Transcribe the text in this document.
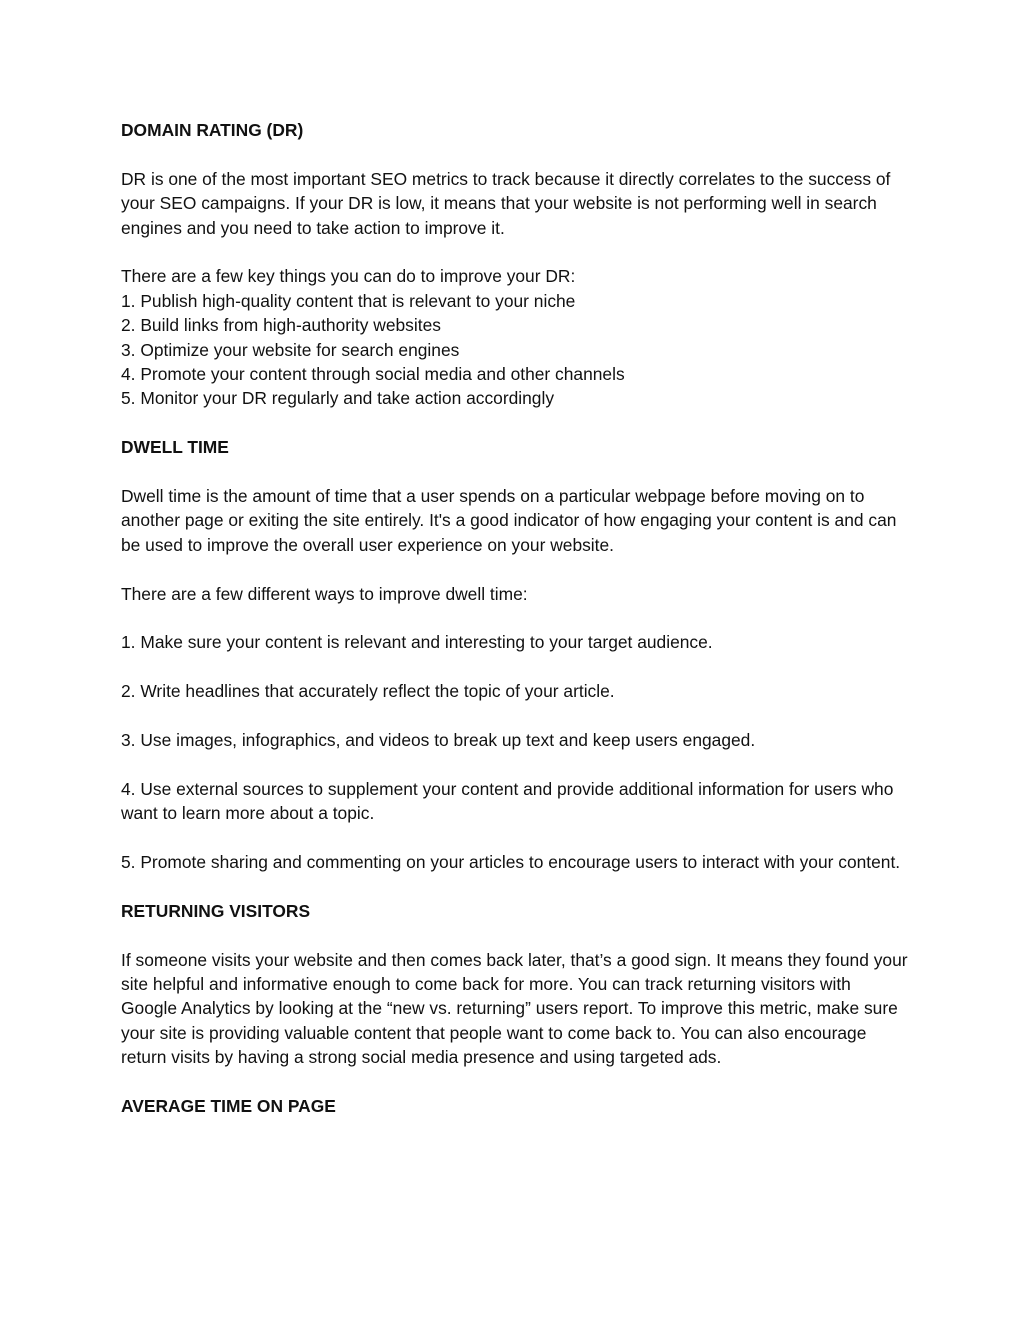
DOMAIN RATING (DR)

DR is one of the most important SEO metrics to track because it directly correlates to the success of your SEO campaigns. If your DR is low, it means that your website is not performing well in search engines and you need to take action to improve it.

There are a few key things you can do to improve your DR:

1. Publish high-quality content that is relevant to your niche
2. Build links from high-authority websites
3. Optimize your website for search engines
4. Promote your content through social media and other channels
5. Monitor your DR regularly and take action accordingly

DWELL TIME

Dwell time is the amount of time that a user spends on a particular webpage before moving on to another page or exiting the site entirely. It's a good indicator of how engaging your content is and can be used to improve the overall user experience on your website.

There are a few different ways to improve dwell time:

1. Make sure your content is relevant and interesting to your target audience.

2. Write headlines that accurately reflect the topic of your article.

3. Use images, infographics, and videos to break up text and keep users engaged.

4. Use external sources to supplement your content and provide additional information for users who want to learn more about a topic.

5. Promote sharing and commenting on your articles to encourage users to interact with your content.

RETURNING VISITORS

If someone visits your website and then comes back later, that’s a good sign. It means they found your site helpful and informative enough to come back for more. You can track returning visitors with Google Analytics by looking at the “new vs. returning” users report. To improve this metric, make sure your site is providing valuable content that people want to come back to. You can also encourage return visits by having a strong social media presence and using targeted ads.

AVERAGE TIME ON PAGE
